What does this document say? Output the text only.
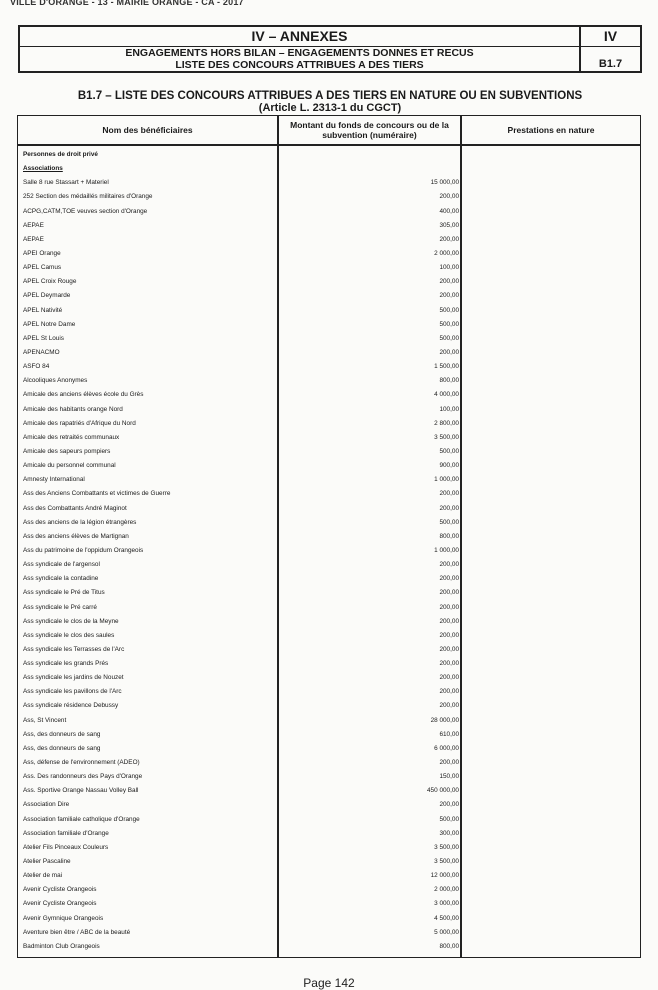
VILLE D'ORANGE - 13 - MAIRIE ORANGE - CA - 2017
IV – ANNEXES
ENGAGEMENTS HORS BILAN – ENGAGEMENTS DONNES ET RECUS
LISTE DES CONCOURS ATTRIBUES A DES TIERS
IV
B1.7
B1.7 – LISTE DES CONCOURS ATTRIBUES A DES TIERS EN NATURE OU EN SUBVENTIONS
(Article L. 2313-1 du CGCT)
Nom des bénéficiaires	Montant du fonds de concours ou de la subvention (numéraire)	Prestations en nature
Personnes de droit privé
Associations
Salle 8 rue Stassart + Materiel	15 000,00
252 Section des médaillés militaires d'Orange	200,00
ACPG,CATM,TOE veuves section d'Orange	400,00
AEPAE	305,00
AEPAE	200,00
APEI Orange	2 000,00
APEL Camus	100,00
APEL Croix Rouge	200,00
APEL Deymarde	200,00
APEL Nativité	500,00
APEL Notre Dame	500,00
APEL St Louis	500,00
APENACMO	200,00
ASFO 84	1 500,00
Alcooliques Anonymes	800,00
Amicale des anciens élèves école du Grès	4 000,00
Amicale des habitants orange Nord	100,00
Amicale des rapatriés d'Afrique du Nord	2 800,00
Amicale des retraités communaux	3 500,00
Amicale des sapeurs pompiers	500,00
Amicale du personnel communal	900,00
Amnesty International	1 000,00
Ass des Anciens Combattants et victimes de Guerre	200,00
Ass des Combattants André Maginot	200,00
Ass des anciens de la légion étrangères	500,00
Ass des anciens élèves de Martignan	800,00
Ass du patrimoine de l'oppidum Orangeois	1 000,00
Ass syndicale de l'argensol	200,00
Ass syndicale la contadine	200,00
Ass syndicale le Pré de Titus	200,00
Ass syndicale le Pré carré	200,00
Ass syndicale le clos de la Meyne	200,00
Ass syndicale le clos des saules	200,00
Ass syndicale les Terrasses de l'Arc	200,00
Ass syndicale les grands Prés	200,00
Ass syndicale les jardins de Nouzet	200,00
Ass syndicale les pavillons de l'Arc	200,00
Ass syndicale résidence Debussy	200,00
Ass, St Vincent	28 000,00
Ass, des donneurs de sang	610,00
Ass, des donneurs de sang	6 000,00
Ass, défense de l'environnement (ADEO)	200,00
Ass. Des randonneurs des Pays d'Orange	150,00
Ass. Sportive Orange Nassau Volley Ball	450 000,00
Association Dire	200,00
Association familiale catholique d'Orange	500,00
Association familiale d'Orange	300,00
Atelier Fils Pinceaux Couleurs	3 500,00
Atelier Pascaline	3 500,00
Atelier de mai	12 000,00
Avenir Cycliste Orangeois	2 000,00
Avenir Cycliste Orangeois	3 000,00
Avenir Gymnique Orangeois	4 500,00
Aventure bien être / ABC de la beauté	5 000,00
Badminton Club Orangeois	800,00
Page 142
